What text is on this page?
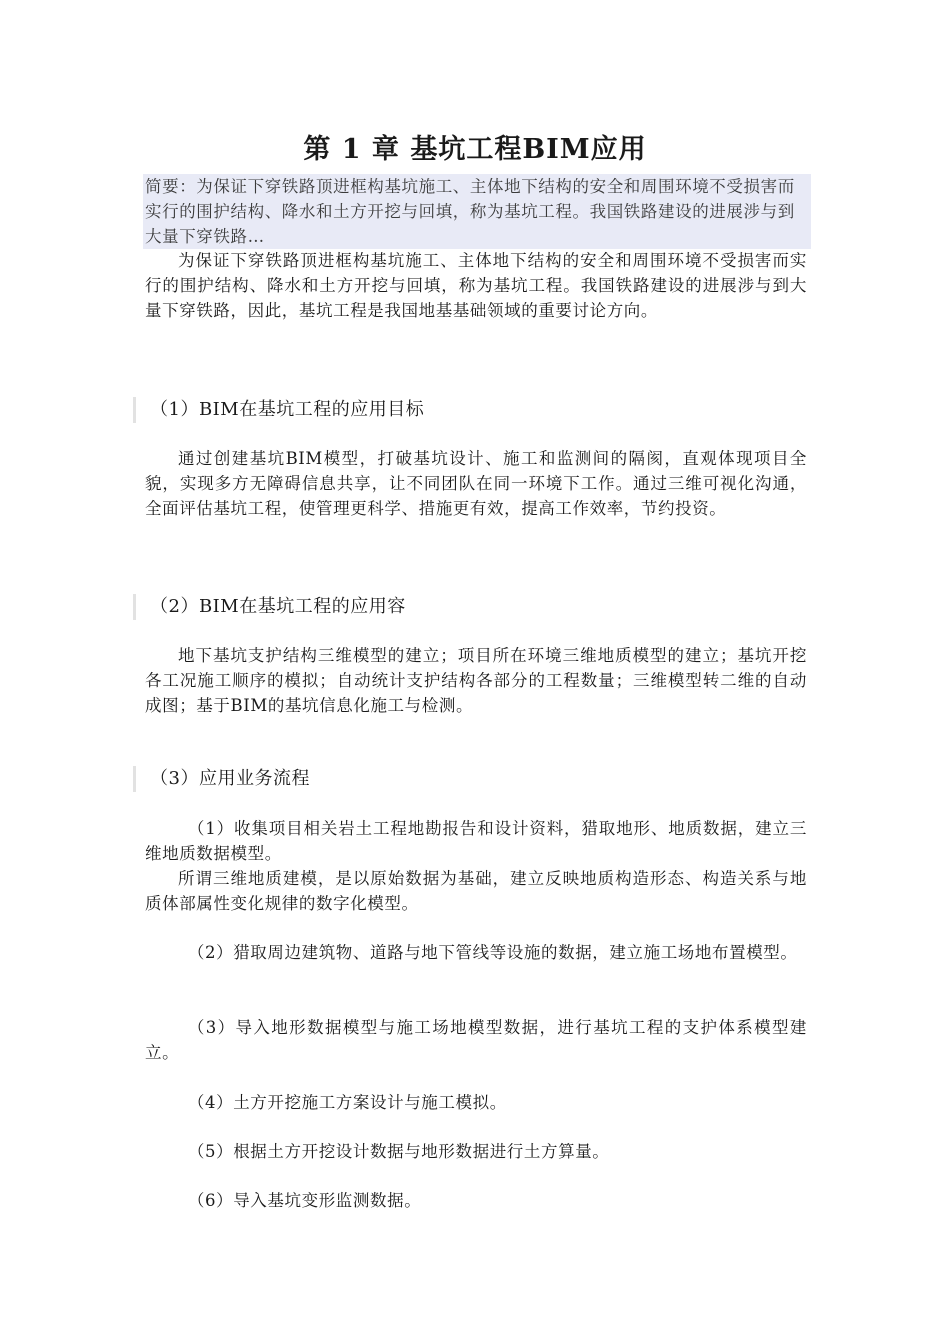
第 1 章 基坑工程BIM应用
简要：为保证下穿铁路顶进框构基坑施工、主体地下结构的安全和周围环境不受损害而实行的围护结构、降水和土方开挖与回填，称为基坑工程。我国铁路建设的进展涉与到大量下穿铁路…
为保证下穿铁路顶进框构基坑施工、主体地下结构的安全和周围环境不受损害而实行的围护结构、降水和土方开挖与回填，称为基坑工程。我国铁路建设的进展涉与到大量下穿铁路，因此，基坑工程是我国地基基础领域的重要讨论方向。
（1）BIM在基坑工程的应用目标
通过创建基坑BIM模型，打破基坑设计、施工和监测间的隔阂，直观体现项目全貌，实现多方无障碍信息共享，让不同团队在同一环境下工作。通过三维可视化沟通，全面评估基坑工程，使管理更科学、措施更有效，提高工作效率，节约投资。
（2）BIM在基坑工程的应用容
地下基坑支护结构三维模型的建立；项目所在环境三维地质模型的建立；基坑开挖各工况施工顺序的模拟；自动统计支护结构各部分的工程数量；三维模型转二维的自动成图；基于BIM的基坑信息化施工与检测。
（3）应用业务流程
（1）收集项目相关岩土工程地勘报告和设计资料，猎取地形、地质数据，建立三维地质数据模型。
所谓三维地质建模，是以原始数据为基础，建立反映地质构造形态、构造关系与地质体部属性变化规律的数字化模型。
（2）猎取周边建筑物、道路与地下管线等设施的数据，建立施工场地布置模型。
（3）导入地形数据模型与施工场地模型数据，进行基坑工程的支护体系模型建立。
（4）土方开挖施工方案设计与施工模拟。
（5）根据土方开挖设计数据与地形数据进行土方算量。
（6）导入基坑变形监测数据。
